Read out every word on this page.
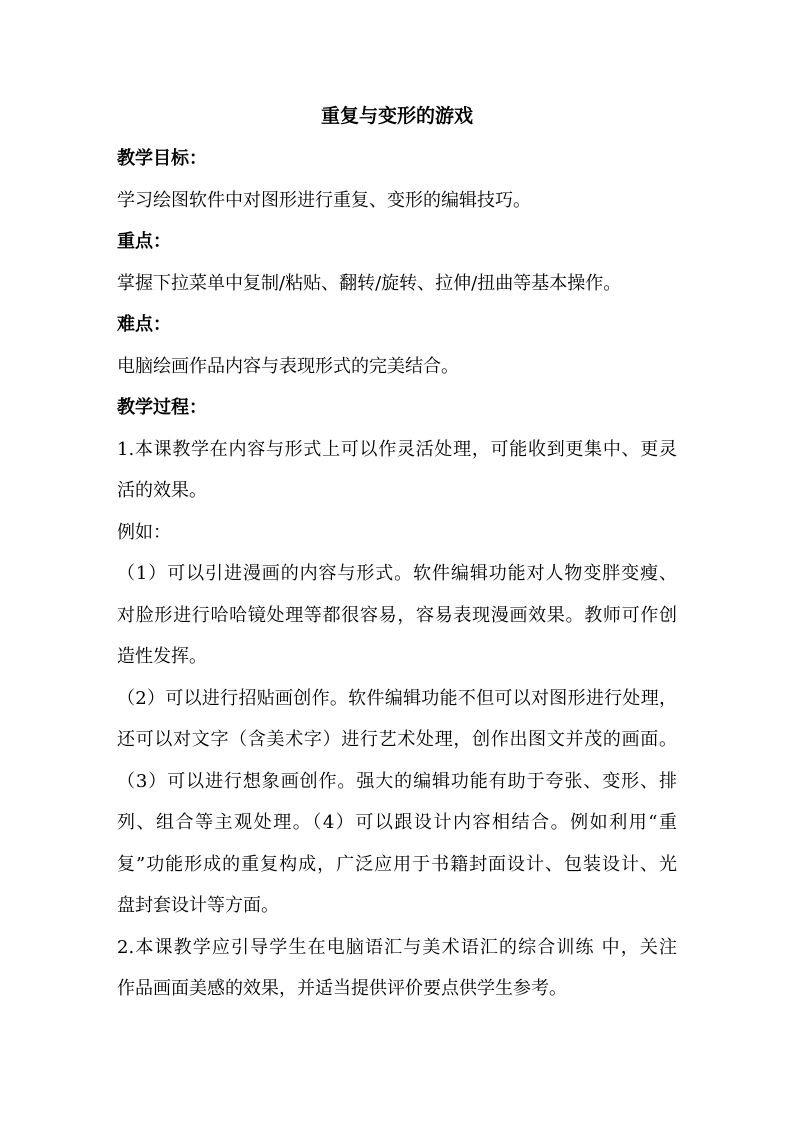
重复与变形的游戏

教学目标：

学习绘图软件中对图形进行重复、变形的编辑技巧。

重点：

掌握下拉菜单中复制/粘贴、翻转/旋转、拉伸/扭曲等基本操作。

难点：

电脑绘画作品内容与表现形式的完美结合。

教学过程：

1.本课教学在内容与形式上可以作灵活处理，可能收到更集中、更灵

活的效果。

例如：

（1）可以引进漫画的内容与形式。软件编辑功能对人物变胖变瘦、

对脸形进行哈哈镜处理等都很容易，容易表现漫画效果。教师可作创

造性发挥。

（2）可以进行招贴画创作。软件编辑功能不但可以对图形进行处理，

还可以对文字（含美术字）进行艺术处理，创作出图文并茂的画面。

（3）可以进行想象画创作。强大的编辑功能有助于夸张、变形、排

列、组合等主观处理。（4）可以跟设计内容相结合。例如利用“重

复”功能形成的重复构成，广泛应用于书籍封面设计、包装设计、光

盘封套设计等方面。

2.本课教学应引导学生在电脑语汇与美术语汇的综合训练 中，关注

作品画面美感的效果，并适当提供评价要点供学生参考。
